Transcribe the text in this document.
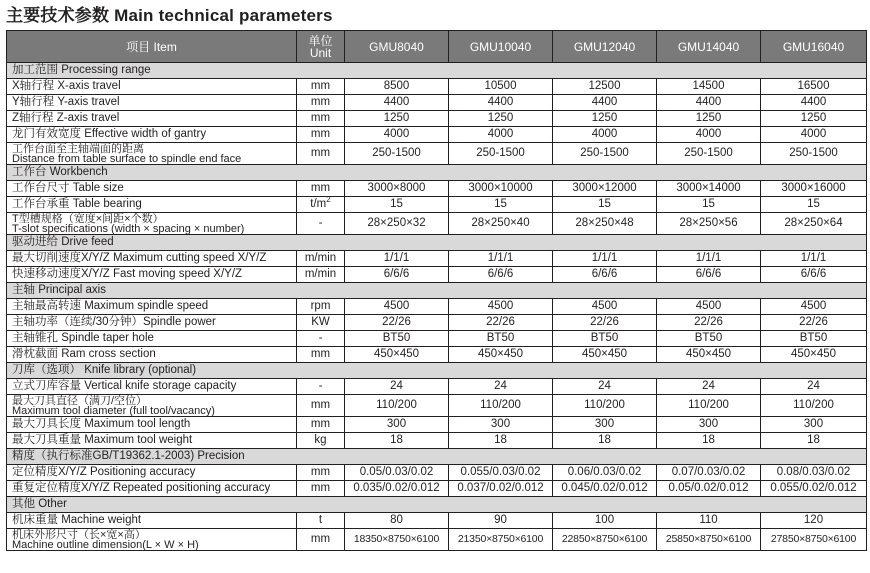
主要技术参数 Main technical parameters
项目 Item	单位
Unit	GMU8040	GMU10040	GMU12040	GMU14040	GMU16040
加工范围 Processing range						
X轴行程 X-axis travel	mm	8500	10500	12500	14500	16500
Y轴行程 Y-axis travel	mm	4400	4400	4400	4400	4400
Z轴行程 Z-axis travel	mm	1250	1250	1250	1250	1250
龙门有效宽度 Effective width of gantry	mm	4000	4000	4000	4000	4000
工作台面至主轴端面的距离
Distance from table surface to spindle end face	mm	250-1500	250-1500	250-1500	250-1500	250-1500
工作台 Workbench						
工作台尺寸 Table size	mm	3000×8000	3000×10000	3000×12000	3000×14000	3000×16000
工作台承重 Table bearing	$t/m^2$	15	15	15	15	15
T型槽规格（宽度×间距×个数）
T-slot specifications (width × spacing × number)	-	28×250×32	28×250×40	28×250×48	28×250×56	28×250×64
驱动进给 Drive feed						
最大切削速度X/Y/Z Maximum cutting speed X/Y/Z	m/min	1/1/1	1/1/1	1/1/1	1/1/1	1/1/1
快速移动速度X/Y/Z Fast moving speed X/Y/Z	m/min	6/6/6	6/6/6	6/6/6	6/6/6	6/6/6
主轴 Principal axis						
主轴最高转速 Maximum spindle speed	rpm	4500	4500	4500	4500	4500
主轴功率（连续/30分钟）Spindle power	KW	22/26	22/26	22/26	22/26	22/26
主轴锥孔 Spindle taper hole	-	BT50	BT50	BT50	BT50	BT50
滑枕截面 Ram cross section	mm	450×450	450×450	450×450	450×450	450×450
刀库（选项） Knife library (optional)						
立式刀库容量 Vertical knife storage capacity	-	24	24	24	24	24
最大刀具直径（满刀/空位）
Maximum tool diameter (full tool/vacancy)	mm	110/200	110/200	110/200	110/200	110/200
最大刀具长度 Maximum tool length	mm	300	300	300	300	300
最大刀具重量 Maximum tool weight	kg	18	18	18	18	18
精度（执行标准GB/T19362.1-2003) Precision						
定位精度X/Y/Z Positioning accuracy	mm	0.05/0.03/0.02	0.055/0.03/0.02	0.06/0.03/0.02	0.07/0.03/0.02	0.08/0.03/0.02
重复定位精度X/Y/Z Repeated positioning accuracy	mm	0.035/0.02/0.012	0.037/0.02/0.012	0.045/0.02/0.012	0.05/0.02/0.012	0.055/0.02/0.012
其他 Other						
机床重量 Machine weight	t	80	90	100	110	120
机床外形尺寸（长×宽×高）
Machine outline dimension(L × W × H)	mm	18350×8750×6100	21350×8750×6100	22850×8750×6100	25850×8750×6100	27850×8750×6100
